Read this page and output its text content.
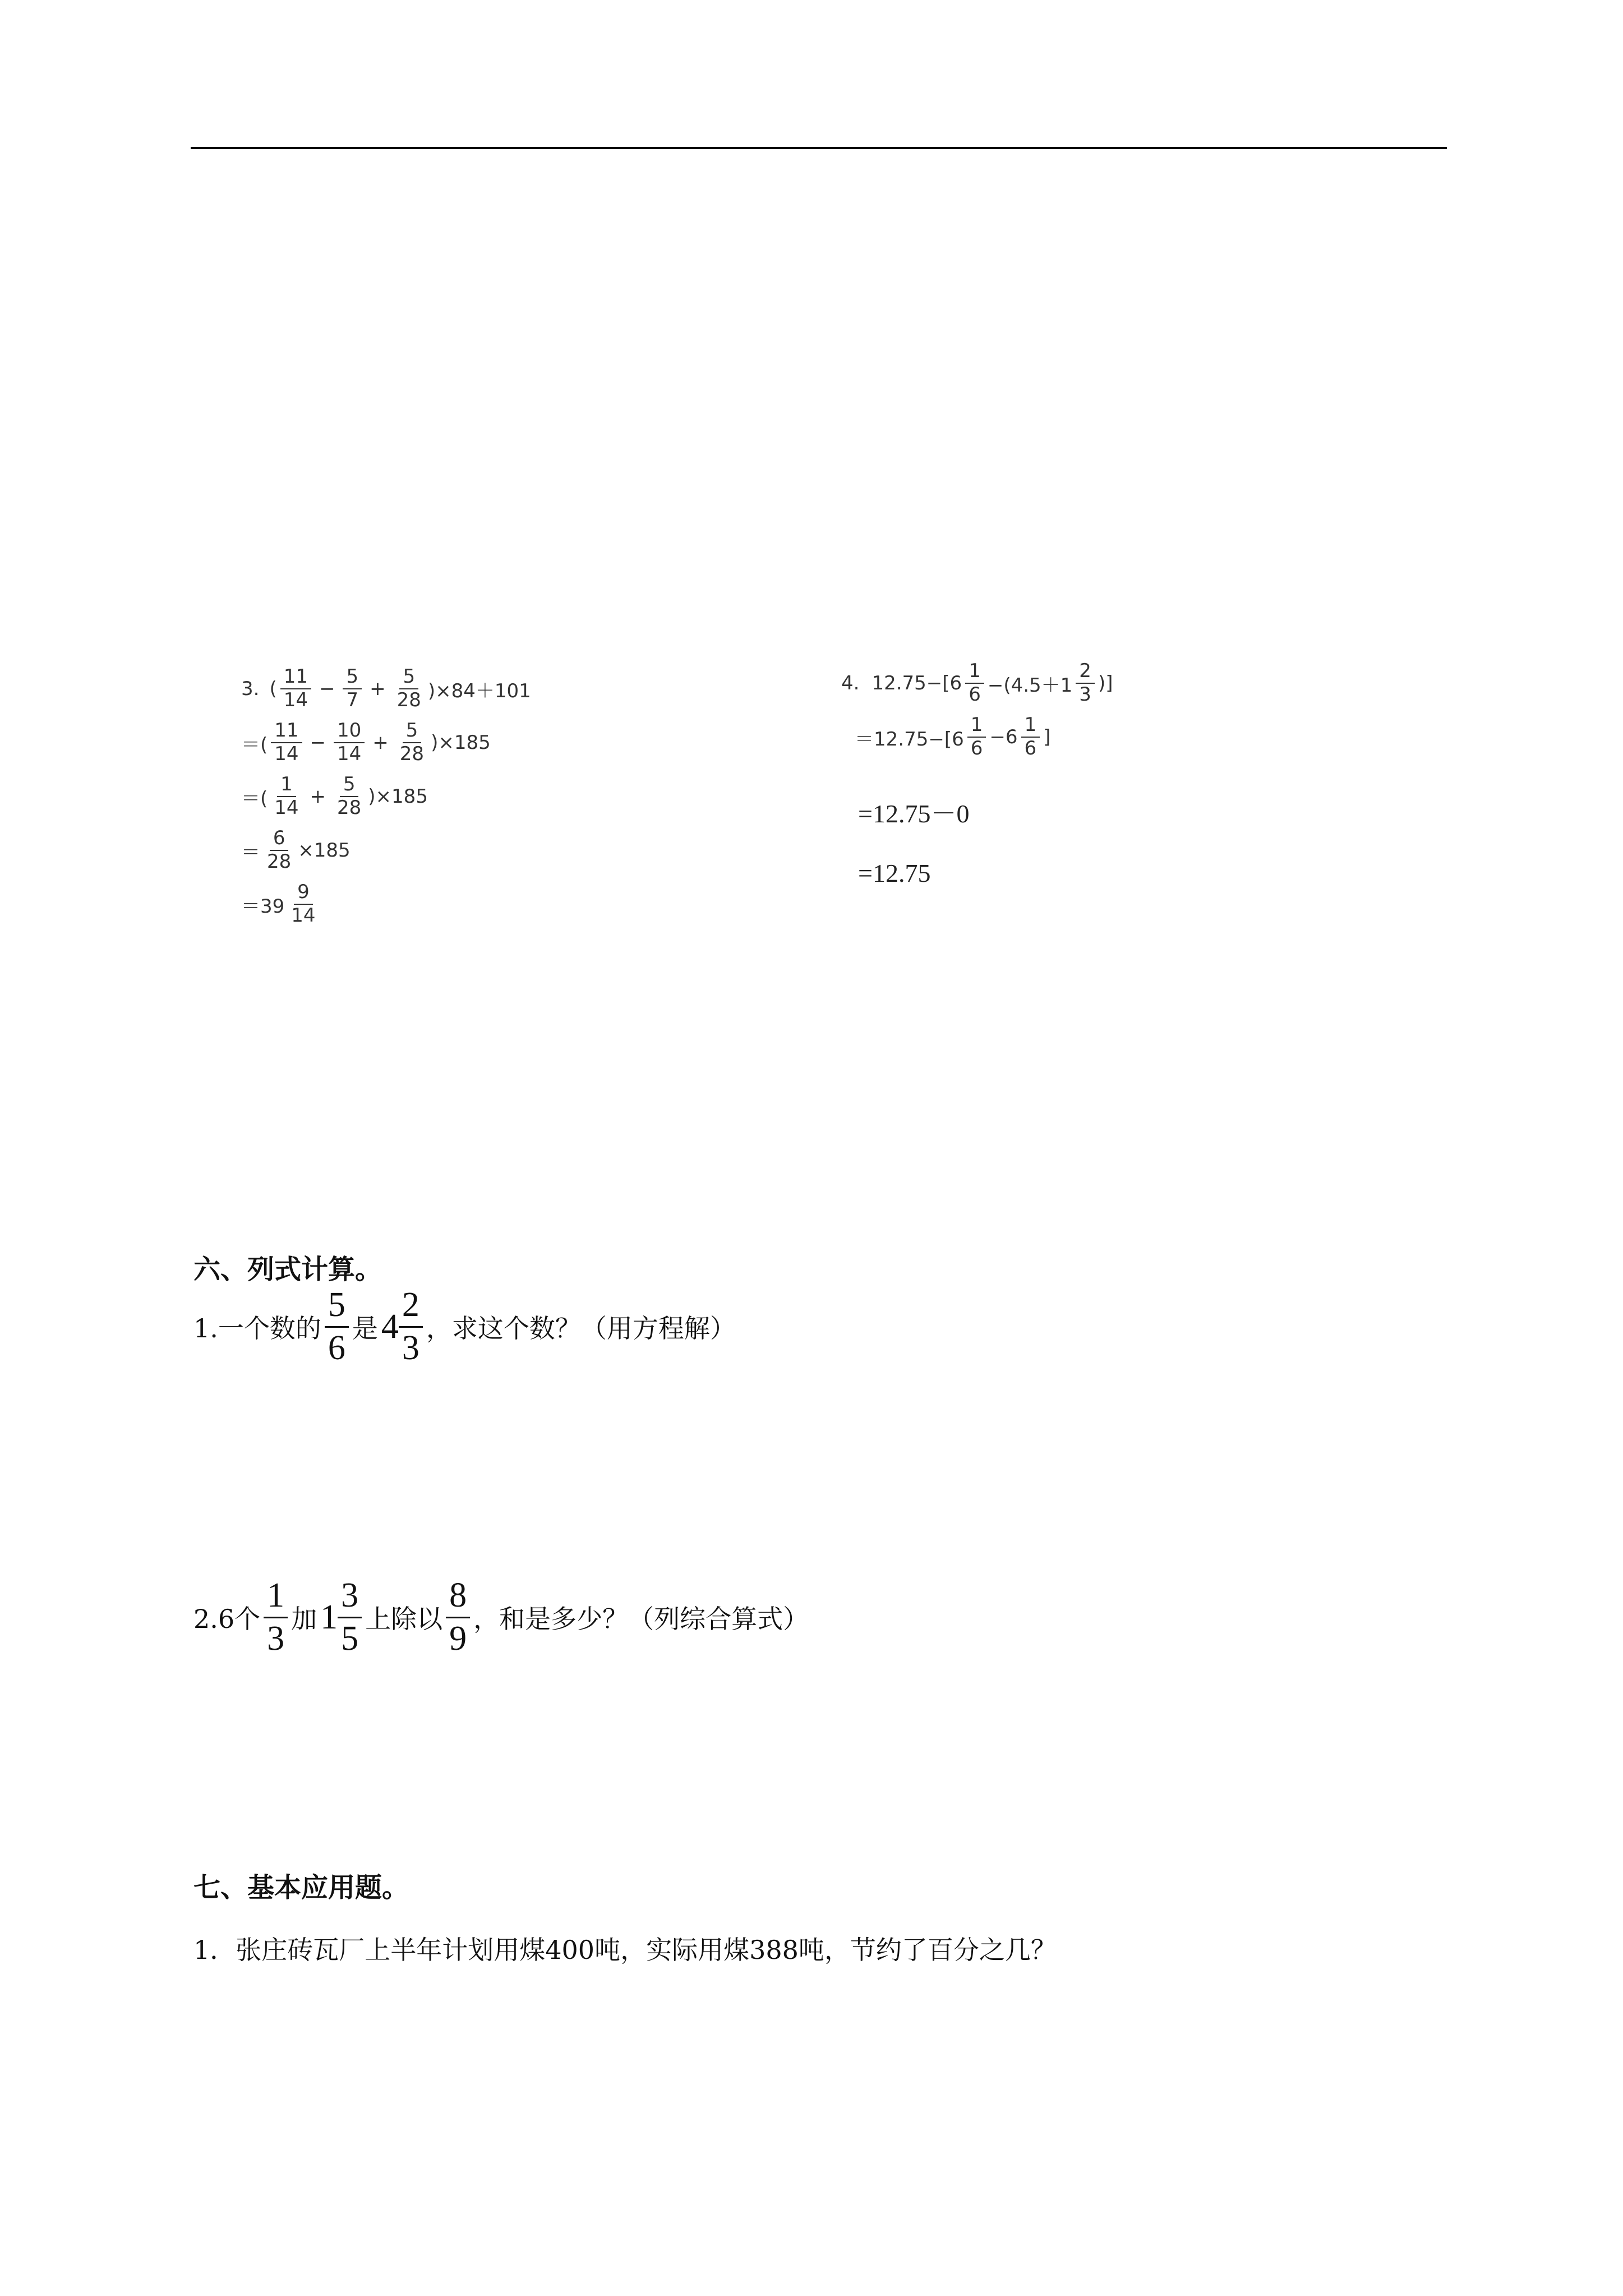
3. ( $\frac{11}{14} - \frac{5}{7} + \frac{5}{28} )\times 84+101$
＝( $\frac{11}{14} - \frac{10}{14} + \frac{5}{28} )\times 185$
＝( $\frac{1}{14} + \frac{5}{28} )\times 185$
＝ $\frac{6}{28} \times 185$
$=39 \frac{9}{14}$
4. $12.75-[6 \frac{1}{6} -(4.5+1 \frac{2}{3}$ )]
$=12.75-[6 \frac{1}{6} -6 \frac{1}{6}$ ]
=12.75－0
=12.75
六、列式计算。
1.一个数的 $\frac{5}{6}$ 是 $4 \frac{2}{3}$ ，求这个数？（用方程解）
2.6个 $\frac{1}{3}$ 加 $1 \frac{3}{5}$ 上除以 $\frac{8}{9}$ ，和是多少？（列综合算式）
七、基本应用题。
1．张庄砖瓦厂上半年计划用煤400吨，实际用煤388吨，节约了百分之几？
